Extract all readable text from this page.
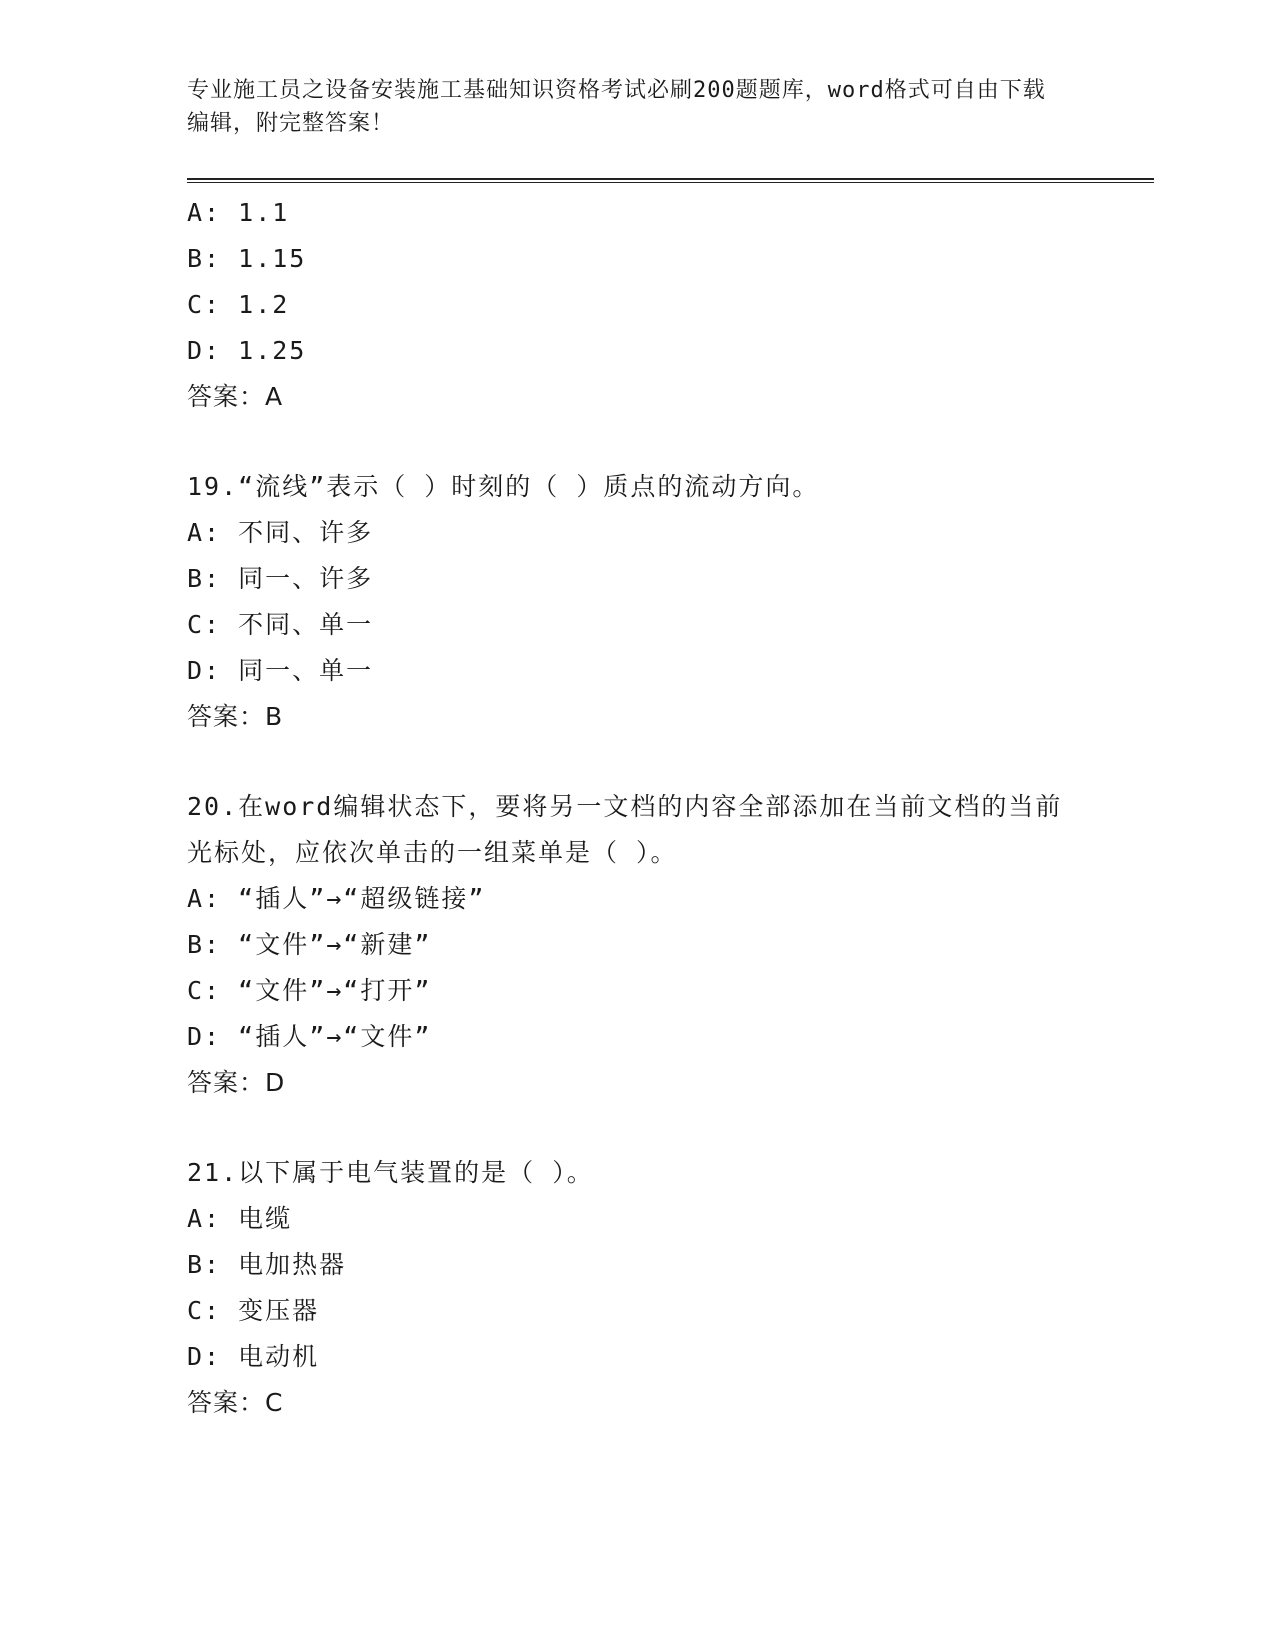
专业施工员之设备安装施工基础知识资格考试必刷200题题库，word格式可自由下载编辑，附完整答案！
A: 1.1
B: 1.15
C: 1.2
D: 1.25
答案：A
19.“流线”表示（ ）时刻的（ ）质点的流动方向。
A: 不同、许多
B: 同一、许多
C: 不同、单一
D: 同一、单一
答案：B
20.在word编辑状态下，要将另一文档的内容全部添加在当前文档的当前光标处，应依次单击的一组菜单是（ ）。
A: “插人”→“超级链接”
B: “文件”→“新建”
C: “文件”→“打开”
D: “插人”→“文件”
答案：D
21.以下属于电气装置的是（ ）。
A: 电缆
B: 电加热器
C: 变压器
D: 电动机
答案：C
